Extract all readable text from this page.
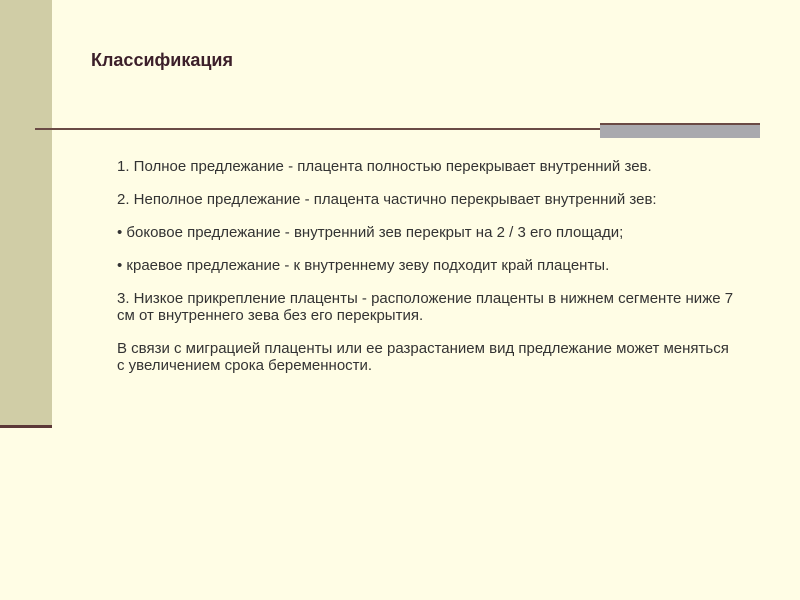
Классификация

1. Полное предлежание - плацента полностью перекрывает внутренний зев.

2. Неполное предлежание - плацента частично перекрывает внутренний зев:

• боковое предлежание - внутренний зев перекрыт на 2 / 3 его площади;

• краевое предлежание - к внутреннему зеву подходит край плаценты.

3. Низкое прикрепление плаценты - расположение плаценты в нижнем сегменте ниже 7 см от внутреннего зева без его перекрытия.

В связи с миграцией плаценты или ее разрастанием вид предлежание может меняться с увеличением срока беременности.
